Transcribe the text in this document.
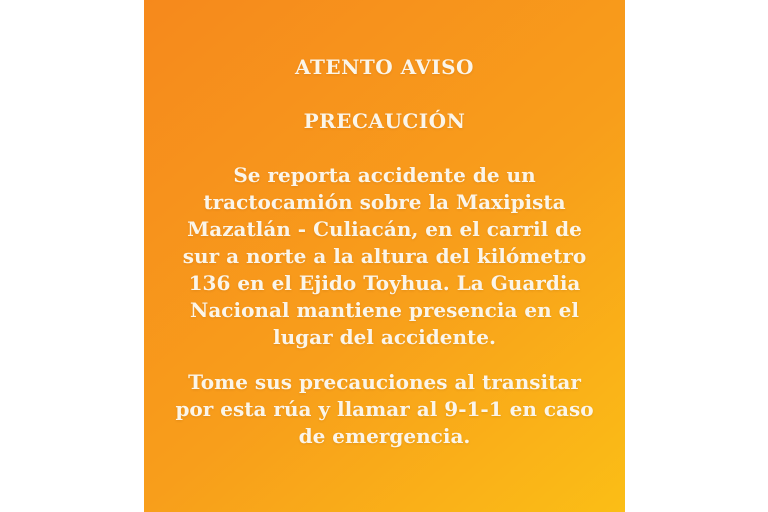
ATENTO AVISO
PRECAUCIÓN
Se reporta accidente de un
tractocamión sobre la Maxipista
Mazatlán - Culiacán, en el carril de
sur a norte a la altura del kilómetro
136 en el Ejido Toyhua. La Guardia
Nacional mantiene presencia en el
lugar del accidente.
Tome sus precauciones al transitar
por esta rúa y llamar al 9-1-1 en caso
de emergencia.
